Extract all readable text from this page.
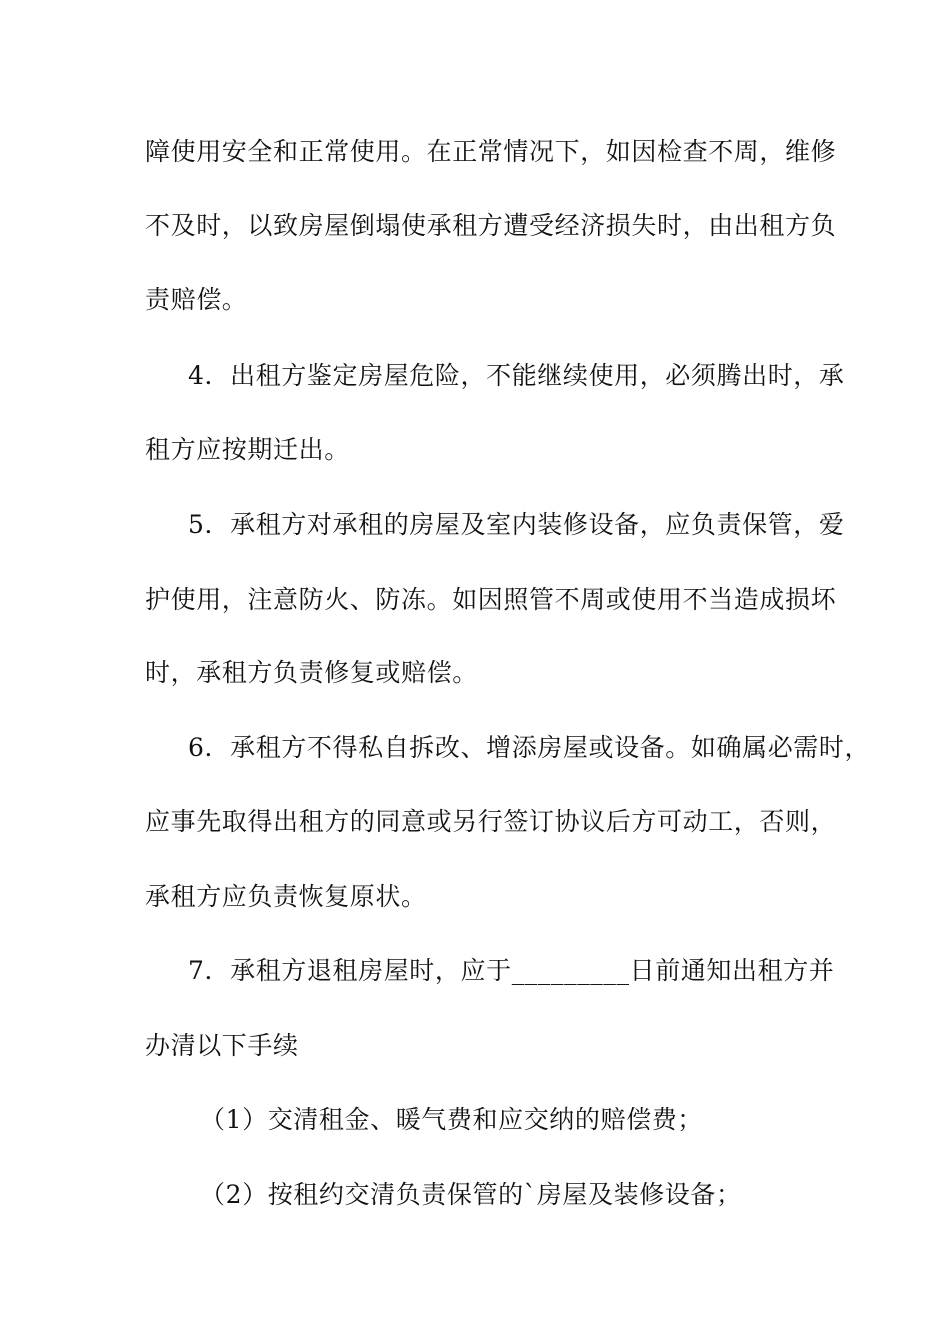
障使用安全和正常使用。在正常情况下，如因检查不周，维修
不及时，以致房屋倒塌使承租方遭受经济损失时，由出租方负
责赔偿。
4．出租方鉴定房屋危险，不能继续使用，必须腾出时，承
租方应按期迁出。
5．承租方对承租的房屋及室内装修设备，应负责保管，爱
护使用，注意防火、防冻。如因照管不周或使用不当造成损坏
时，承租方负责修复或赔偿。
6．承租方不得私自拆改、增添房屋或设备。如确属必需时，
应事先取得出租方的同意或另行签订协议后方可动工，否则，
承租方应负责恢复原状。
7．承租方退租房屋时，应于_________日前通知出租方并
办清以下手续
（1）交清租金、暖气费和应交纳的赔偿费；
（2）按租约交清负责保管的`房屋及装修设备；
